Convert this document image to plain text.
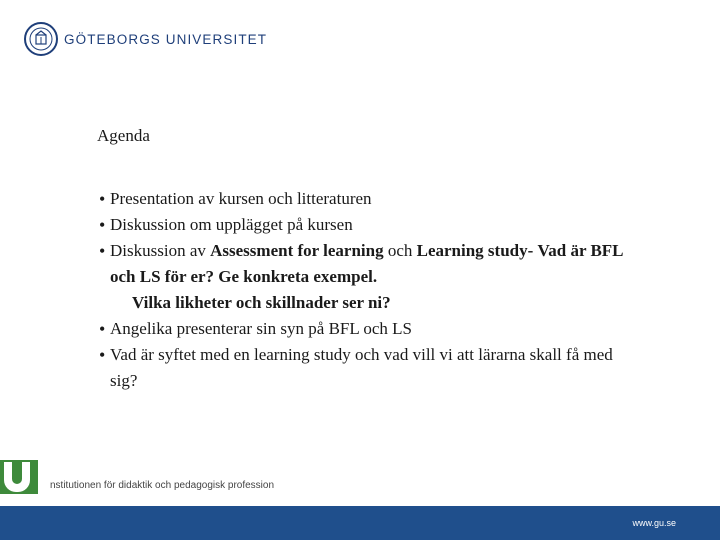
GÖTEBORGS UNIVERSITET
Agenda
• Presentation av kursen och litteraturen
• Diskussion om upplägget på kursen
• Diskussion av Assessment for learning och Learning study- Vad är BFL och LS för er? Ge konkreta exempel.
Vilka likheter och skillnader ser ni?
• Angelika presenterar sin syn på BFL och LS
• Vad är syftet med en learning study och vad vill vi att lärarna skall få med sig?
nstitutionen för didaktik och pedagogisk profession
www.gu.se
